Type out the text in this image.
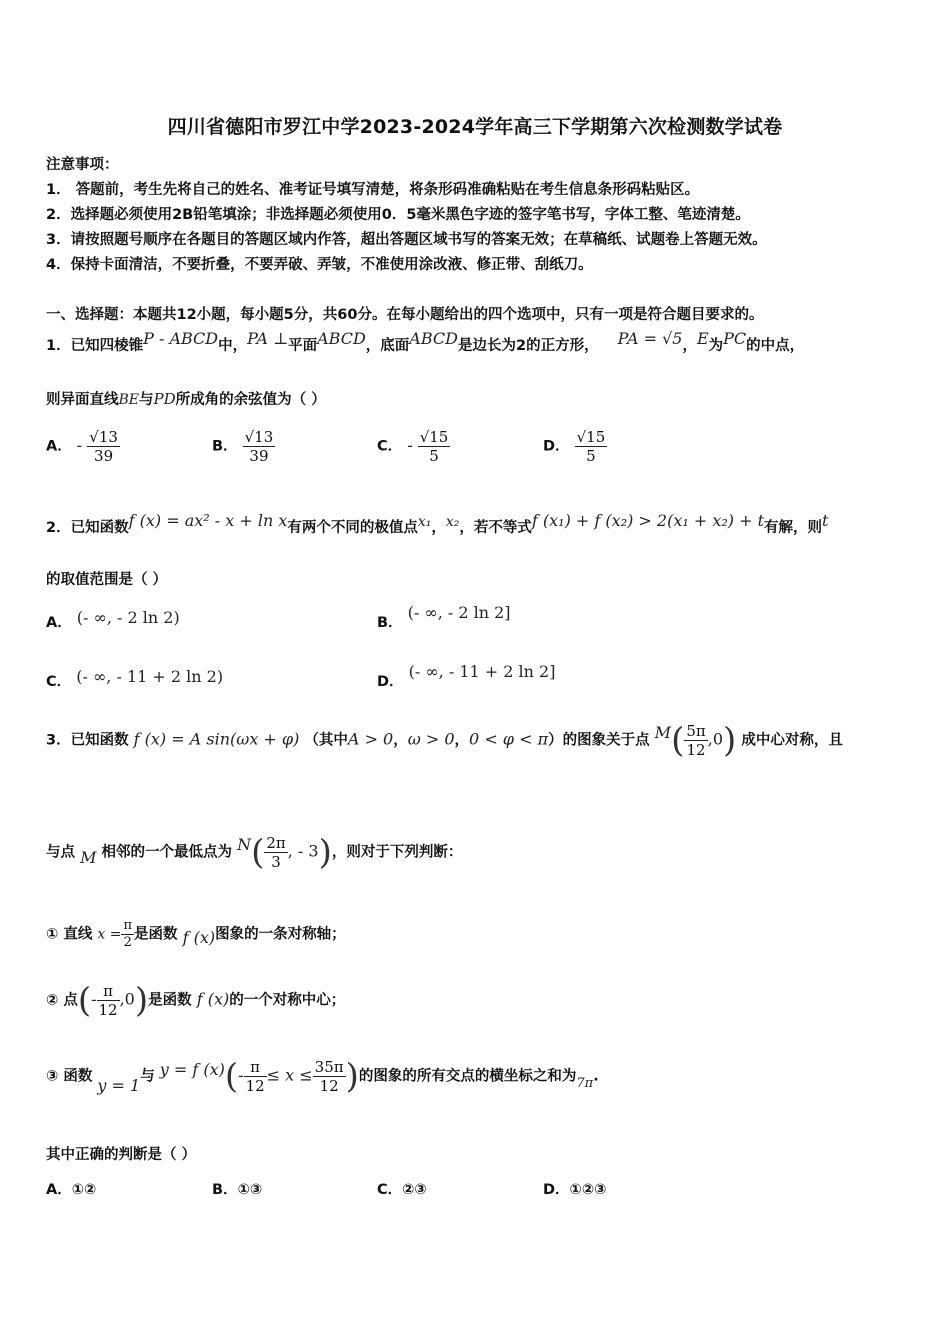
四川省德阳市罗江中学2023-2024学年高三下学期第六次检测数学试卷
注意事项：
1． 答题前，考生先将自己的姓名、准考证号填写清楚，将条形码准确粘贴在考生信息条形码粘贴区。
2．选择题必须使用2B铅笔填涂；非选择题必须使用0．5毫米黑色字迹的签字笔书写，字体工整、笔迹清楚。
3．请按照题号顺序在各题目的答题区域内作答，超出答题区域书写的答案无效；在草稿纸、试题卷上答题无效。
4．保持卡面清洁，不要折叠，不要弄破、弄皱，不准使用涂改液、修正带、刮纸刀。
一、选择题：本题共12小题，每小题5分，共60分。在每小题给出的四个选项中，只有一项是符合题目要求的。
1．已知四棱锥P - ABCD中，PA ⊥平面ABCD，底面ABCD是边长为2的正方形， PA = √5，E为PC的中点，
则异面直线BE与PD所成角的余弦值为（ ）
A． - $\frac{√13}{39}$	B． $\frac{√13}{39}$	C． - $\frac{√15}{5}$	D． $\frac{√15}{5}$
2．已知函数f (x) = ax² - x + ln x有两个不同的极值点x₁，x₂，若不等式f (x₁) + f (x₂) > 2(x₁ + x₂) + t有解，则t
的取值范围是（ ）
A． (- ∞, - 2 ln 2)	B． (- ∞, - 2 ln 2]
C． (- ∞, - 11 + 2 ln 2)	D． (- ∞, - 11 + 2 ln 2]
3．已知函数 f (x) = A sin(ωx + φ) （其中A > 0，ω > 0，0 < φ < π）的图象关于点 $M( \frac{5\pi}{12} ,0)$ 成中心对称，且
与点 M 相邻的一个最低点为 $N( \frac{2\pi}{3}$ , - 3)，则对于下列判断：
① 直线 $x = \frac{\pi}{2}$ 是函数 f (x)图象的一条对称轴；
② 点(- $\frac{\pi}{12} ,0$)是函数 f (x)的一个对称中心；
③ 函数 y = 1与 y = f $(x)(- \frac{\pi}{12} \le x \le \frac{35\pi}{12}$ )的图象的所有交点的横坐标之和为7π.
其中正确的判断是（ ）
A．①②	B．①③	C．②③	D．①②③
